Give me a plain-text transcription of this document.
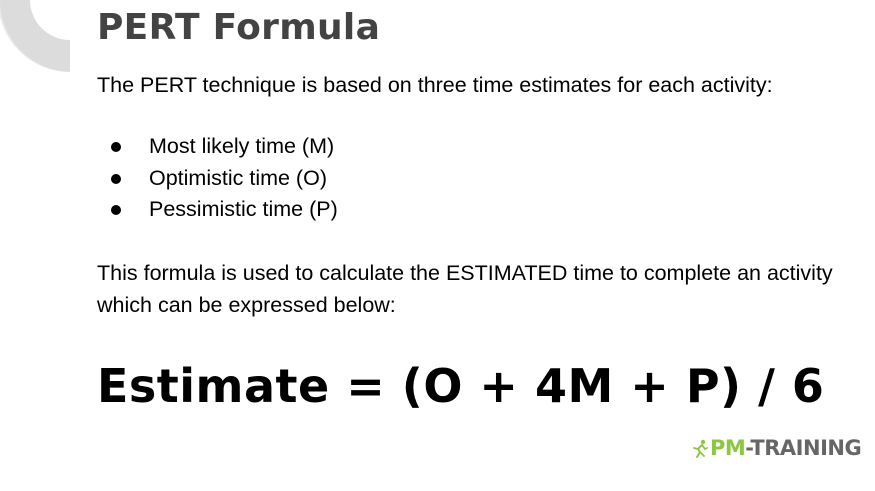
PERT Formula

The PERT technique is based on three time estimates for each activity:

Most likely time (M)
Optimistic time (O)
Pessimistic time (P)

This formula is used to calculate the ESTIMATED time to complete an activity which can be expressed below:

Estimate = (O + 4M + P) / 6
PM-TRAINING
